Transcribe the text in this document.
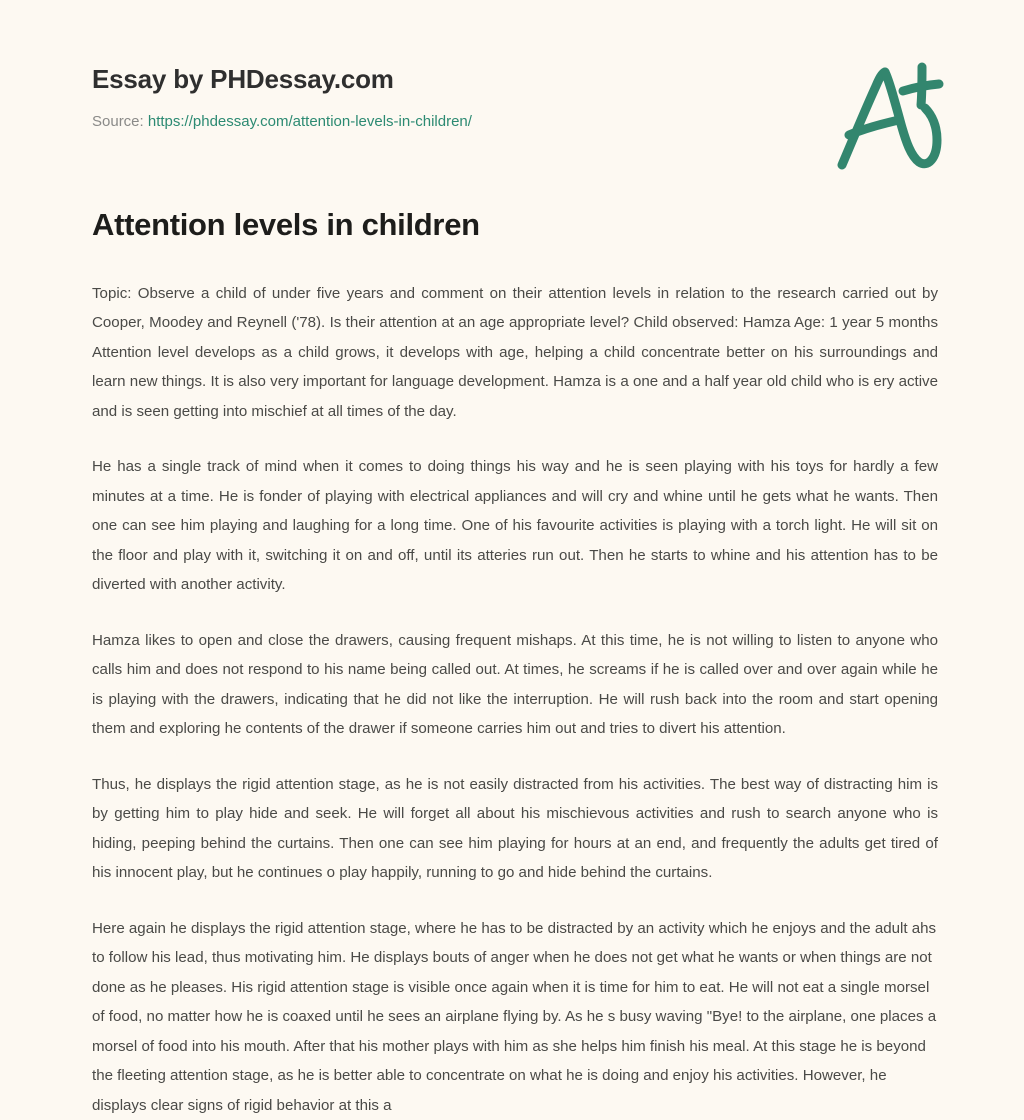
Essay by PHDessay.com
Source: https://phdessay.com/attention-levels-in-children/
Attention levels in children

Topic: Observe a child of under five years and comment on their attention levels in relation to the research carried out by Cooper, Moodey and Reynell ('78). Is their attention at an age appropriate level? Child observed: Hamza Age: 1 year 5 months Attention level develops as a child grows, it develops with age, helping a child concentrate better on his surroundings and learn new things. It is also very important for language development. Hamza is a one and a half year old child who is ery active and is seen getting into mischief at all times of the day.

He has a single track of mind when it comes to doing things his way and he is seen playing with his toys for hardly a few minutes at a time. He is fonder of playing with electrical appliances and will cry and whine until he gets what he wants. Then one can see him playing and laughing for a long time. One of his favourite activities is playing with a torch light. He will sit on the floor and play with it, switching it on and off, until its atteries run out. Then he starts to whine and his attention has to be diverted with another activity.

Hamza likes to open and close the drawers, causing frequent mishaps. At this time, he is not willing to listen to anyone who calls him and does not respond to his name being called out. At times, he screams if he is called over and over again while he is playing with the drawers, indicating that he did not like the interruption. He will rush back into the room and start opening them and exploring he contents of the drawer if someone carries him out and tries to divert his attention.

Thus, he displays the rigid attention stage, as he is not easily distracted from his activities. The best way of distracting him is by getting him to play hide and seek. He will forget all about his mischievous activities and rush to search anyone who is hiding, peeping behind the curtains. Then one can see him playing for hours at an end, and frequently the adults get tired of his innocent play, but he continues o play happily, running to go and hide behind the curtains.

Here again he displays the rigid attention stage, where he has to be distracted by an activity which he enjoys and the adult ahs to follow his lead, thus motivating him. He displays bouts of anger when he does not get what he wants or when things are not done as he pleases. His rigid attention stage is visible once again when it is time for him to eat. He will not eat a single morsel of food, no matter how he is coaxed until he sees an airplane flying by. As he s busy waving "Bye! to the airplane, one places a morsel of food into his mouth. After that his mother plays with him as she helps him finish his meal. At this stage he is beyond the fleeting attention stage, as he is better able to concentrate on what he is doing and enjoy his activities. However, he displays clear signs of rigid behavior at this a
